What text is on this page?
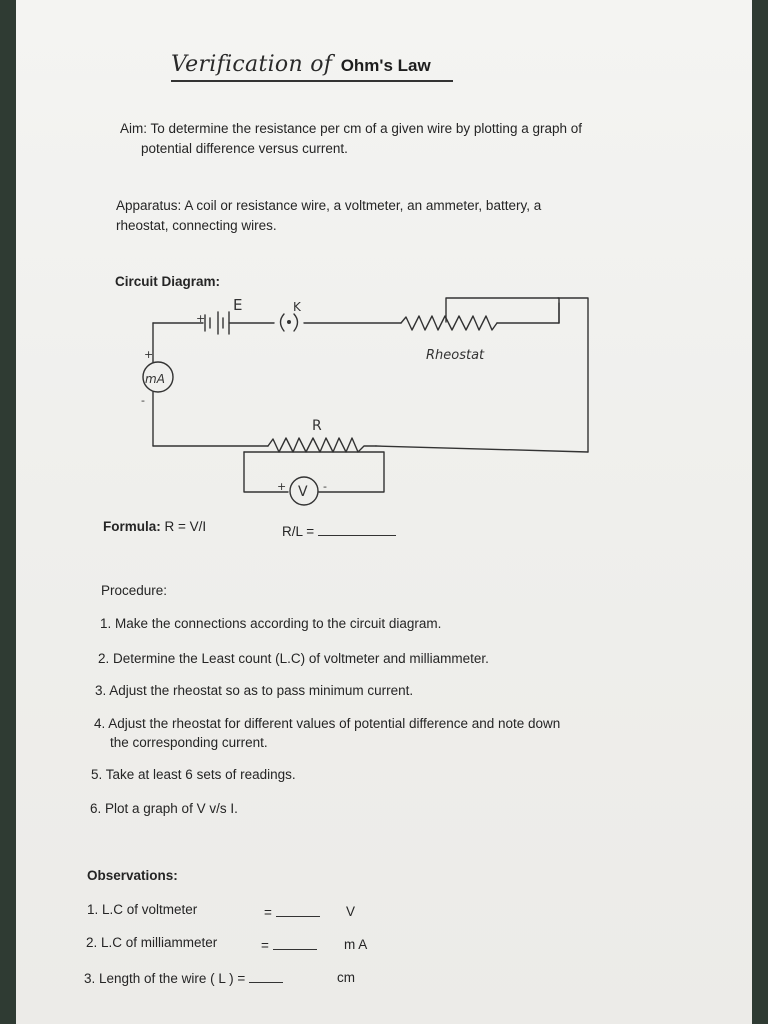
Verification of Ohm's Law
Aim: To determine the resistance per cm of a given wire by plotting a graph of
potential difference versus current.
Apparatus: A coil or resistance wire, a voltmeter, an ammeter, battery, a
rheostat, connecting wires.
Circuit Diagram:
E
+
K
Rheostat
+
mA
-
R
+ V -
Formula: R = V/I	R/L =
Procedure:
1. Make the connections according to the circuit diagram.
2. Determine the Least count (L.C) of voltmeter and milliammeter.
3. Adjust the rheostat so as to pass minimum current.
4. Adjust the rheostat for different values of potential difference and note down
the corresponding current.
5. Take at least 6 sets of readings.
6. Plot a graph of V v/s I.
Observations:
1. L.C of voltmeter	=	V
2. L.C of milliammeter	=	m A
3. Length of the wire ( L ) =	cm
